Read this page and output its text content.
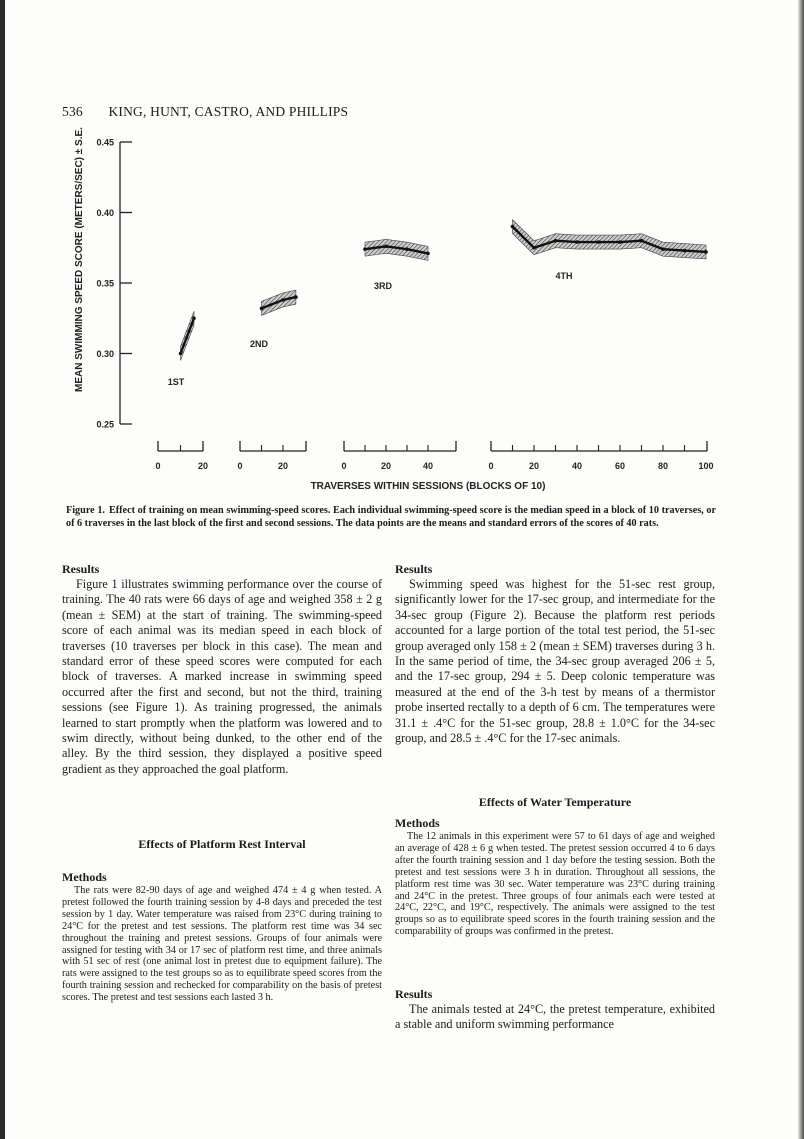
536 KING, HUNT, CASTRO, AND PHILLIPS
MEAN SWIMMING SPEED SCORE (METERS/SEC) ± S.E. 0.45
0.40
0.35
0.30
0.25
1ST
2ND
3RD
4TH
0	20	0	20	0	20	40	0	20	40	60	80	100
TRAVERSES WITHIN SESSIONS (BLOCKS OF 10)
Figure 1. Effect of training on mean swimming-speed scores. Each individual swimming-speed score is the median speed in a block of 10 traverses, or of 6 traverses in the last block of the first and second sessions. The data points are the means and standard errors of the scores of 40 rats.

Results

Figure 1 illustrates swimming performance over the course of training. The 40 rats were 66 days of age and weighed 358 ± 2 g (mean ± SEM) at the start of training. The swimming-speed score of each animal was its median speed in each block of traverses (10 traverses per block in this case). The mean and standard error of these speed scores were computed for each block of traverses. A marked increase in swimming speed occurred after the first and second, but not the third, training sessions (see Figure 1). As training progressed, the animals learned to start promptly when the platform was lowered and to swim directly, without being dunked, to the other end of the alley. By the third session, they displayed a positive speed gradient as they approached the goal platform.

Effects of Platform Rest Interval

Methods

The rats were 82-90 days of age and weighed 474 ± 4 g when tested. A pretest followed the fourth training session by 4-8 days and preceded the test session by 1 day. Water temperature was raised from 23°C during training to 24°C for the pretest and test sessions. The platform rest time was 34 sec throughout the training and pretest sessions. Groups of four animals were assigned for testing with 34 or 17 sec of platform rest time, and three animals with 51 sec of rest (one animal lost in pretest due to equipment failure). The rats were assigned to the test groups so as to equilibrate speed scores from the fourth training session and rechecked for comparability on the basis of pretest scores. The pretest and test sessions each lasted 3 h.

Results

Swimming speed was highest for the 51-sec rest group, significantly lower for the 17-sec group, and intermediate for the 34-sec group (Figure 2). Because the platform rest periods accounted for a large portion of the total test period, the 51-sec group averaged only 158 ± 2 (mean ± SEM) traverses during 3 h. In the same period of time, the 34-sec group averaged 206 ± 5, and the 17-sec group, 294 ± 5. Deep colonic temperature was measured at the end of the 3-h test by means of a thermistor probe inserted rectally to a depth of 6 cm. The temperatures were 31.1 ± .4°C for the 51-sec group, 28.8 ± 1.0°C for the 34-sec group, and 28.5 ± .4°C for the 17-sec animals.

Effects of Water Temperature

Methods

The 12 animals in this experiment were 57 to 61 days of age and weighed an average of 428 ± 6 g when tested. The pretest session occurred 4 to 6 days after the fourth training session and 1 day before the testing session. Both the pretest and test sessions were 3 h in duration. Throughout all sessions, the platform rest time was 30 sec. Water temperature was 23°C during training and 24°C in the pretest. Three groups of four animals each were tested at 24°C, 22°C, and 19°C, respectively. The animals were assigned to the test groups so as to equilibrate speed scores in the fourth training session and the comparability of groups was confirmed in the pretest.

Results

The animals tested at 24°C, the pretest temperature, exhibited a stable and uniform swimming performance
